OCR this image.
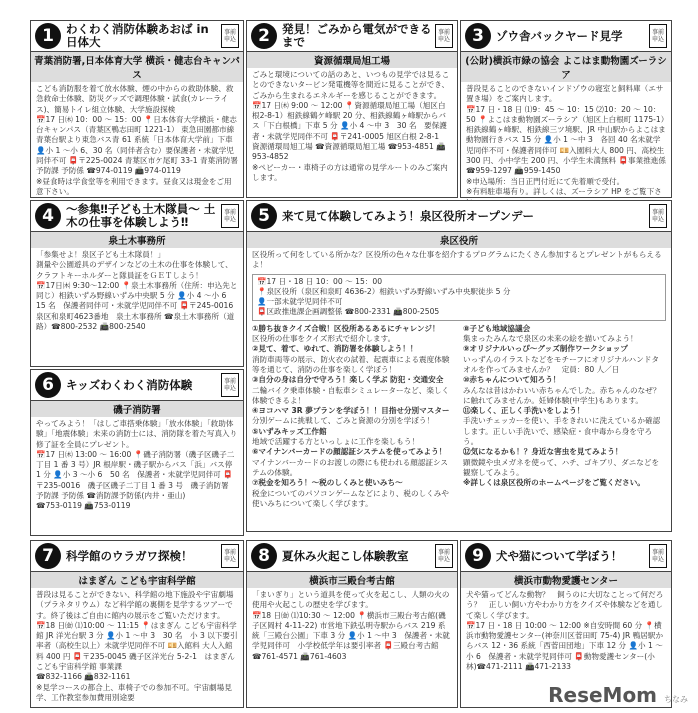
1	わくわく消防体験あおば in 日体大
事前申込
青葉消防署,日本体育大学 横浜・健志台キャンパス

こども消防服を着て放水体験、煙の中からの救助体験、救急救命士体験、防災グッズで調理体験・試食(カレーライス)、簡易トイレ組立体験、大学施設探検

📅17 日㈭ 10：00 ～ 15：00 📍日本体育大学横浜・健志台キャンパス（青葉区鴨志田町 1221-1） 東急田園都市線青葉台駅より東急バス青 61 系統「日本体育大学前」下車 👤小 1 ～小 6、30 名（同伴者含む）要保護者・未就学児同伴不可 📮〒225-0024 青葉区市ケ尾町 33-1 青葉消防署 予防課 予防係 ☎974-0119 📠974-0119

※昼食時は学食堂等を利用できます。昼食又は現金をご用意下さい。

2	発見！ごみから電気ができるまで
事前申込
資源循環局旭工場

ごみと環境についての話のあと、いつもの見学では見ることのできないタービン発電機等を間近に見ることができ、ごみから生まれるエネルギーを感じることができます。

📅17 日㈭ 9:00 ～ 12:00 📍資源循環局旭工場（旭区白根2-8-1）相鉄線鶴ケ峰駅 20 分、相鉄線鶴ヶ峰駅からバス「下白根橋」下車 5 分 👤小 4 ～中 3　30 名　要保護者・未就学児同伴不可 📮〒241-0005 旭区白根 2-8-1　資源循環局旭工場 ☎資源循環局旭工場 ☎953-4851 📠953-4852

※ペビーカー・車椅子の方は通常の見学ルートのみご案内します。

3	ゾウ舎バックヤード見学	事前申込
(公財)横浜市緑の協会 よこはま動物園ズーラシア

普段見ることのできないインドゾウの寝室と飼料庫（エサ置き場）をご案内します。

📅17 日・18 日 ⑴9：45 ～ 10：15 ⑵10：20 ～ 10：50 📍よこはま動物園ズーラシア（旭区上白根町 1175-1）相鉄線鶴ヶ峰駅、相鉄線三ツ境駅、JR 中山駅からよこはま動物園行きバス 15 分 👤小 1 ～中 3　各回 40 名未就学児同伴不可・保護者同伴可 💴入園料大人 800 円、高校生 300 円、小中学生 200 円、小学生未満無料 📮事業推進係 ☎959-1297 📠959-1450

※申込場所：当日正門付近にて先着順で受付。

※有料駐車場有り。詳しくは、ズーラシア HP をご覧下さ

4	～参集‼子ども土木隊員～ 土木の仕事を体験しよう‼
事前申込
泉土木事務所

「参集せよ！泉区子ども土木隊員！」

測量や公園遊具のデザインなどの土木の仕事を体験して、クラフトキーホルダーと隊員証をＧＥＴしよう！

📅17日㈭ 9:30～12:00 📍泉土木事務所（住所：申込先と同じ）相鉄いずみ野線いずみ中央駅 5 分 👤小 4 ～小 6　15 名　保護者同伴可・未就学児同伴不可 📮〒245-0016 泉区和泉町4623番地　泉土木事務所 ☎泉土木事務所（道路）☎800-2532 📠800-2540

5	来て見て体験してみよう！泉区役所オープンデー	事前申込
泉区役所

区役所って何をしている所かな？区役所の色々な仕事を紹介するプログラムにたくさん参加するとプレゼントがもらえるよ！

📅17 日・18 日 10：00 ～ 15：00

📍泉区役所（泉区和泉町 4636-2）相鉄いずみ野線いずみ中央駅徒歩 5 分

👤一部未就学児同伴不可

📮区政推進課企画調整係 ☎800-2331 📠800-2505

①勝ち抜きクイズ合戦！区役所あるあるにチャレンジ！

区役所の仕事をクイズ形式で紹介します。

②見て、着て、ゆれて、消防署を体験しよう！！

消防車両等の展示、防火衣の試着、起震車による震度体験等を通じて、消防の仕事を楽しく学ぼう！

③自分の身は自分で守ろう！楽しく学ぶ 防犯・交通安全

二輪バイク乗車体験・自転車シミュレーターなど、楽しく体験できるよ！

④ヨコハマ 3R 夢プランを学ぼう！！目指せ分別マスター

分別ゲームに挑戦して、ごみと資源の分別を学ぼう！

⑤いずみキッズ工作館

地域で活躍する方といっしょに工作を楽しもう！

⑥マイナンバーカードの顔認証システムを使ってみよう！

マイナンバーカードのお渡しの際にも使われる顔認証システムの体験。

⑦税金を知ろう！～税のしくみと使いみち～

税金についてのパソコンゲームなどにより、税のしくみや使いみちについて楽しく学びます。

⑧子ども地域協議会

集まったみんなで泉区の未来の絵を描いてみよう！

⑨オリジナルいっぴ〜グッズ制作ワークショップ

いっずんのイラストなどをモチーフにオリジナルハンドタオルを作ってみませんか？　定員：80 人／日

⑩赤ちゃんについて知ろう！

みんなは昔はかわいい赤ちゃんでした。赤ちゃんのなぜ？に触れてみませんか。妊婦体験(中学生)もあります。

⑪楽しく、正しく手洗いをしよう！

手洗いチェッカーを使い、手をきれいに洗えているか確認します。正しい手洗いで、感染症・食中毒から身を守ろう。

⑫気になるかも！？身近な害虫を見てみよう！

顕微鏡や虫メガネを使って、ハチ、ゴキブリ、ダニなどを観察してみよう。

※詳しくは泉区役所のホームページをご覧ください。

6	キッズわくわく消防体験	事前申込
磯子消防署

やってみよう！「はしご車搭乗体験」「放水体験」「救助体験」「地震体験」未来の消防士には、消防隊を着た写真入り修了証を全員にプレゼント。

📅17 日㈭ 13:00 ～ 16:00 📍磯子消防署（磯子区磯子二丁目 1 番 3 号）JR 根岸駅・磯子駅からバス「浜」バス停 1 分 👤小 3 ～小 6　50 名　保護者・未就学児同伴可 📮〒235-0016　磯子区磯子二丁目 1 番 3 号　磯子消防署　予防課 予防係 ☎消防課予防係(内井・亜山)

☎753-0119 📠753-0119

7	科学館のウラガワ探検！	事前申込
はまぎん こども宇宙科学館

普段は見ることができない、科学館の地下施設や宇宙劇場（プラネタリウム）など科学館の裏側を見学するツアーです。終了後はご自由に館内の展示をご覧いただけます。

📅18 日㈮ ⑴10:00 ～ 11:15 📍はまぎん こども宇宙科学館 JR 洋光台駅 3 分 👤小 1 ～中 3　30 名　小 3 以下要引率者（高校生以上）未就学児同伴不可 💴入館料 大人入館料 400 円 📮〒235-0045 磯子区洋光台 5-2-1　はまぎん こども宇宙科学館 事業課

☎832-1166 📠832-1161

※見学コースの都合上、車椅子での参加不可。宇宙劇場見学、工作教室参加費用別途要

8	夏休み火起こし体験教室	事前申込
横浜市三殿台考古館

「まいぎり」という道具を使って火を起こし、人類の火の使用や火起こしの歴史を学びます。

📅18 日㈮ ⑴10:30 ～ 12:00 📍横浜市三殿台考古館(磯子区岡村 4-11-22) 市営地下鉄弘明寺駅からバス 219 系統「三殿台公園」下車 3 分 👤小 1 ～中 3　保護者・未就学児同伴可　小学校低学年は要引率者 📮三殿台考古館

☎761-4571 📠761-4603

9	犬や猫について学ぼう！	事前申込
横浜市動物愛護センター

犬や猫ってどんな動物？　飼うのに大切なことって何だろう？　正しい飼い方やわかり方をクイズや体験などを通して楽しく学びます。

📅17 日・18 日 10:00 ～ 12:00 ※自安時間 60 分 📍横浜市動物愛護センター(神奈川区菅田町 75-4) JR 鴨居駅からバス 12・36 系統「西菅田団地」下車 12 分 👤小 1 ～小 6　保護者・未就学児同伴可 📮動物愛護センター(小林)☎471-2111 📠471-2133

ReseMom ちなみ
